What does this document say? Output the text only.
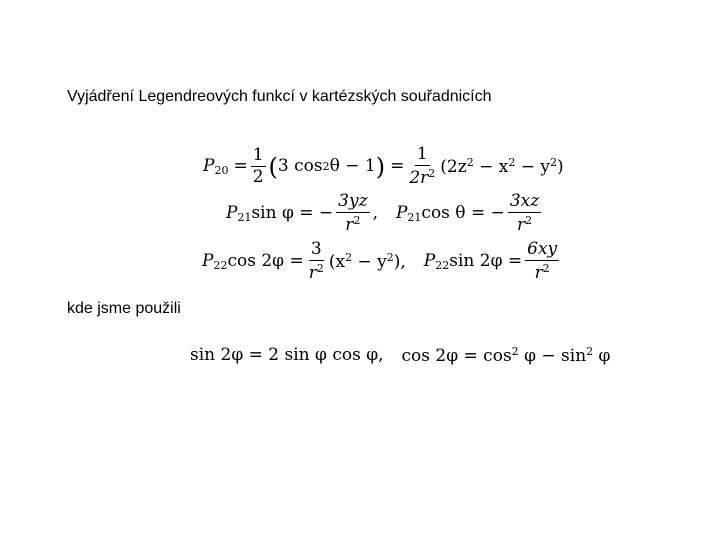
Vyjádření Legendreových funkcí v kartézských souřadnicích
$P_{20} = \frac{1}{2}$ ( 3 cos 2 θ − 1 ) = $\frac{1}{2r^2} (2z^2 - x^2 - y^2)$
$P_{21}$ sin φ = − $\frac{3yz}{r^2}$ , $P_{21}$ cos θ = − $\frac{3xz}{r^2}$
$P_{22}$ $\cos 2\varphi = \frac{3}{r^2} (x^2 - y^2)$, $P_{22}$ $\sin 2\varphi = \frac{6xy}{r^2}$
kde jsme použili
sin 2φ = 2 sin φ cos φ, $\cos 2\varphi = \cos^2 \varphi - \sin^2 \varphi$
